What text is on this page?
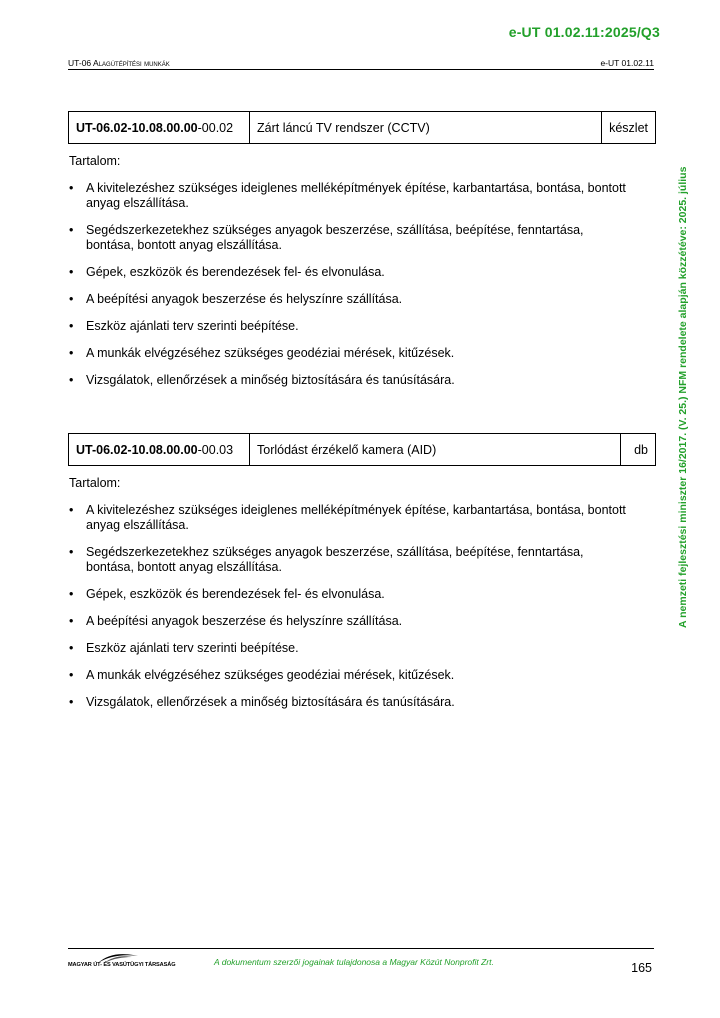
e-UT 01.02.11:2025/Q3
UT-06 Alagútépítési munkák	e-UT 01.02.11
A nemzeti fejlesztési miniszter 16/2017. (V. 25.) NFM rendelete alapján közzétéve: 2025. július
UT-06.02-10.08.00.00-00.02	Zárt láncú TV rendszer (CCTV)	készlet
Tartalom:
• A kivitelezéshez szükséges ideiglenes melléképítmények építése, karbantartása, bontása, bontott anyag elszállítása.
• Segédszerkezetekhez szükséges anyagok beszerzése, szállítása, beépítése, fenntartása, bontása, bontott anyag elszállítása.
• Gépek, eszközök és berendezések fel- és elvonulása.
• A beépítési anyagok beszerzése és helyszínre szállítása.
• Eszköz ajánlati terv szerinti beépítése.
• A munkák elvégzéséhez szükséges geodéziai mérések, kitűzések.
• Vizsgálatok, ellenőrzések a minőség biztosítására és tanúsítására.
UT-06.02-10.08.00.00-00.03	Torlódást érzékelő kamera (AID)	db
Tartalom:
• A kivitelezéshez szükséges ideiglenes melléképítmények építése, karbantartása, bontása, bontott anyag elszállítása.
• Segédszerkezetekhez szükséges anyagok beszerzése, szállítása, beépítése, fenntartása, bontása, bontott anyag elszállítása.
• Gépek, eszközök és berendezések fel- és elvonulása.
• A beépítési anyagok beszerzése és helyszínre szállítása.
• Eszköz ajánlati terv szerinti beépítése.
• A munkák elvégzéséhez szükséges geodéziai mérések, kitűzések.
• Vizsgálatok, ellenőrzések a minőség biztosítására és tanúsítására.
MAGYAR ÚT- ÉS VASÚTÜGYI TÁRSASÁG	A dokumentum szerzői jogainak tulajdonosa a Magyar Közút Nonprofit Zrt.	165
